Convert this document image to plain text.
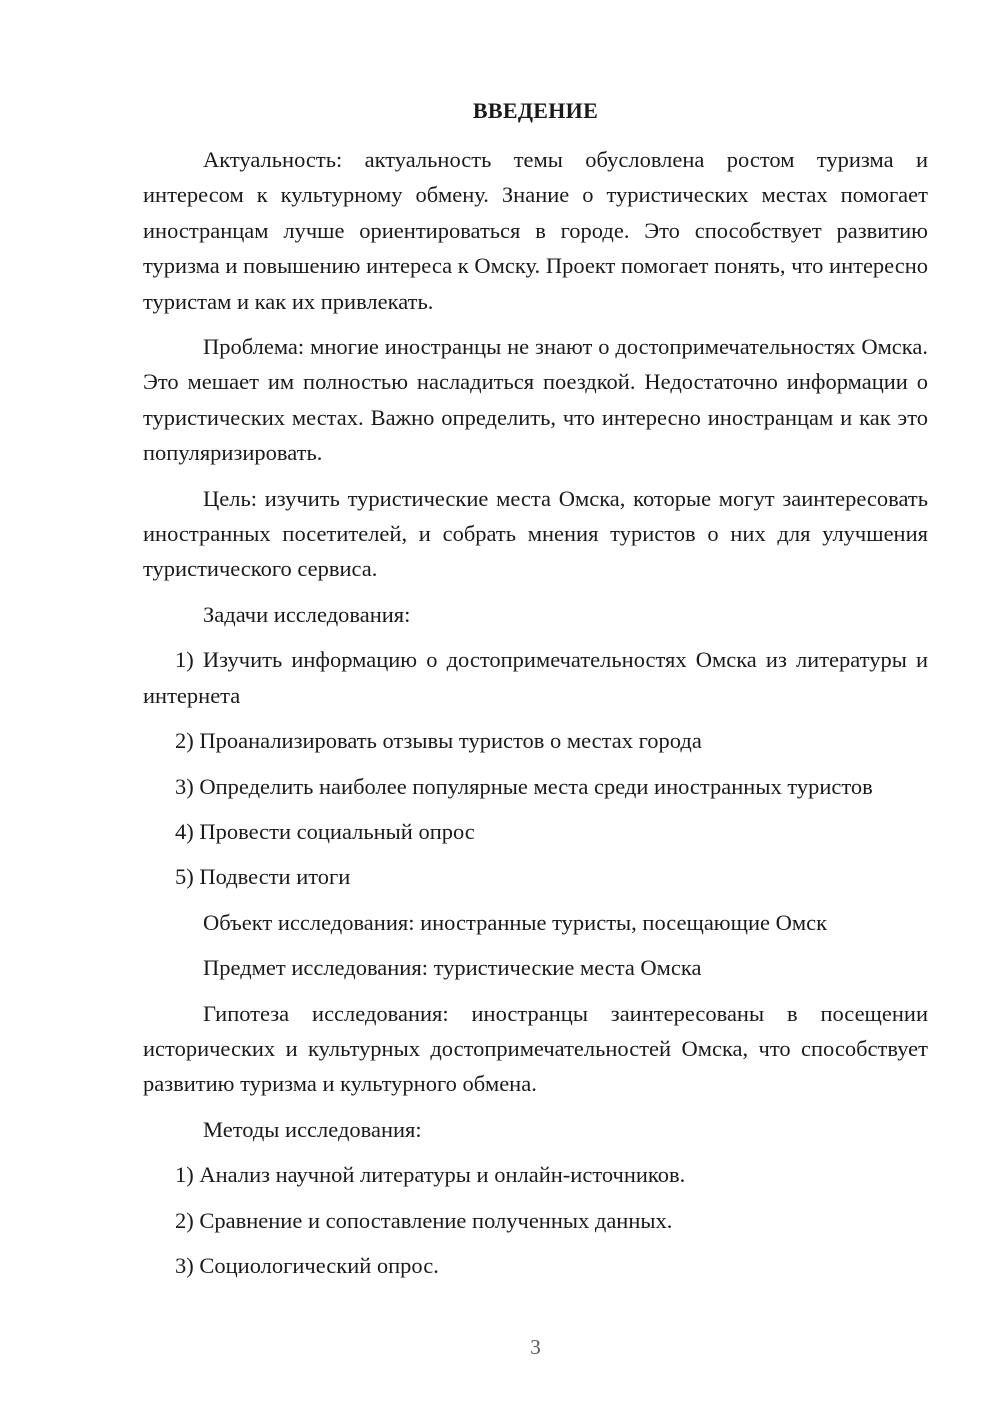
ВВЕДЕНИЕ

Актуальность: актуальность темы обусловлена ростом туризма и интересом к культурному обмену. Знание о туристических местах помогает иностранцам лучше ориентироваться в городе. Это способствует развитию туризма и повышению интереса к Омску. Проект помогает понять, что интересно туристам и как их привлекать.

Проблема: многие иностранцы не знают о достопримечательностях Омска. Это мешает им полностью насладиться поездкой. Недостаточно информации о туристических местах. Важно определить, что интересно иностранцам и как это популяризировать.

Цель: изучить туристические места Омска, которые могут заинтересовать иностранных посетителей, и собрать мнения туристов о них для улучшения туристического сервиса.

Задачи исследования:

1) Изучить информацию о достопримечательностях Омска из литературы и интернета

2) Проанализировать отзывы туристов о местах города

3) Определить наиболее популярные места среди иностранных туристов

4) Провести социальный опрос

5) Подвести итоги

Объект исследования: иностранные туристы, посещающие Омск

Предмет исследования: туристические места Омска

Гипотеза исследования: иностранцы заинтересованы в посещении исторических и культурных достопримечательностей Омска, что способствует развитию туризма и культурного обмена.

Методы исследования:

1) Анализ научной литературы и онлайн-источников.

2) Сравнение и сопоставление полученных данных.

3) Социологический опрос.

3
